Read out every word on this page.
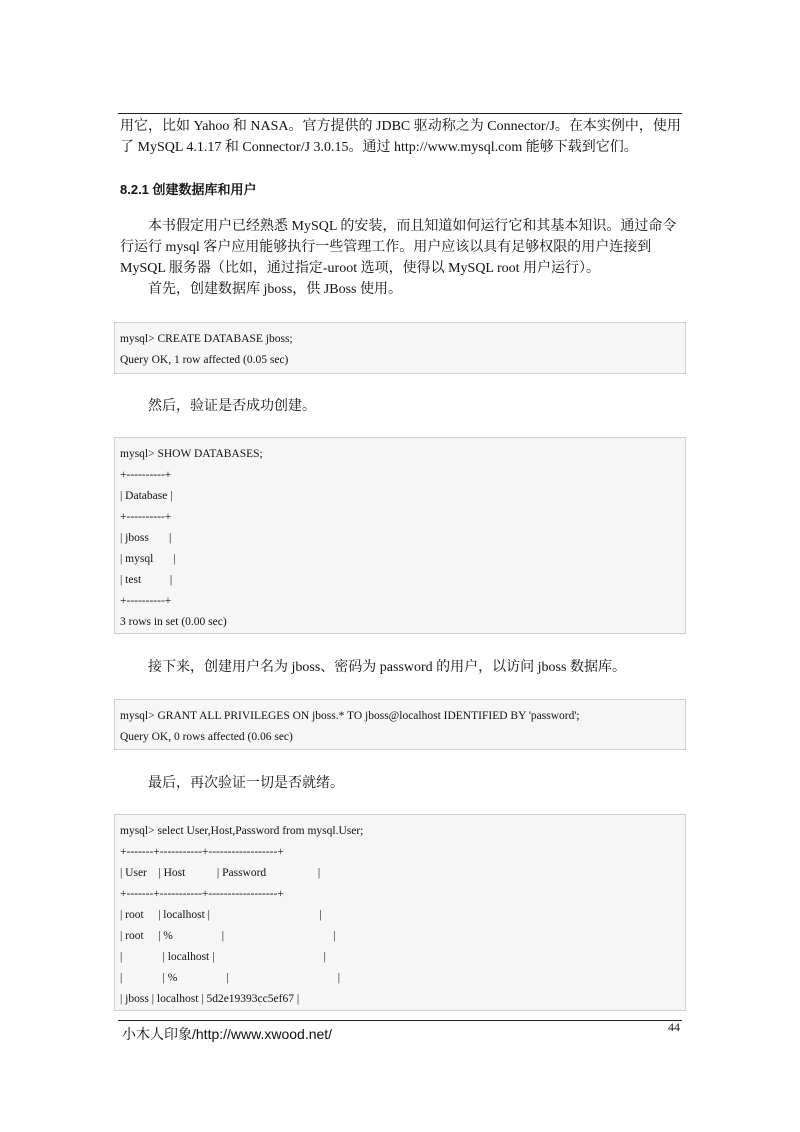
用它，比如 Yahoo 和 NASA。官方提供的 JDBC 驱动称之为 Connector/J。在本实例中，使用
了 MySQL 4.1.17 和 Connector/J 3.0.15。通过 http://www.mysql.com 能够下载到它们。
8.2.1 创建数据库和用户
本书假定用户已经熟悉 MySQL 的安装，而且知道如何运行它和其基本知识。通过命令
行运行 mysql 客户应用能够执行一些管理工作。用户应该以具有足够权限的用户连接到
MySQL 服务器（比如，通过指定-uroot 选项，使得以 MySQL root 用户运行）。
首先，创建数据库 jboss，供 JBoss 使用。
mysql> CREATE DATABASE jboss;
Query OK, 1 row affected (0.05 sec)
然后，验证是否成功创建。
mysql> SHOW DATABASES;
+----------+
| Database |
+----------+
| jboss       |
| mysql       |
| test          |
+----------+
3 rows in set (0.00 sec)
接下来，创建用户名为 jboss、密码为 password 的用户，以访问 jboss 数据库。
mysql> GRANT ALL PRIVILEGES ON jboss.* TO jboss@localhost IDENTIFIED BY 'password';
Query OK, 0 rows affected (0.06 sec)
最后，再次验证一切是否就绪。
mysql> select User,Host,Password from mysql.User;
+-------+-----------+------------------+
| User    | Host           | Password                  |
+-------+-----------+------------------+
| root     | localhost |                                      |
| root     | %                 |                                      |
|              | localhost |                                      |
|              | %                 |                                      |
| jboss | localhost | 5d2e19393cc5ef67 |
小木人印象/http://www.xwood.net/	44
